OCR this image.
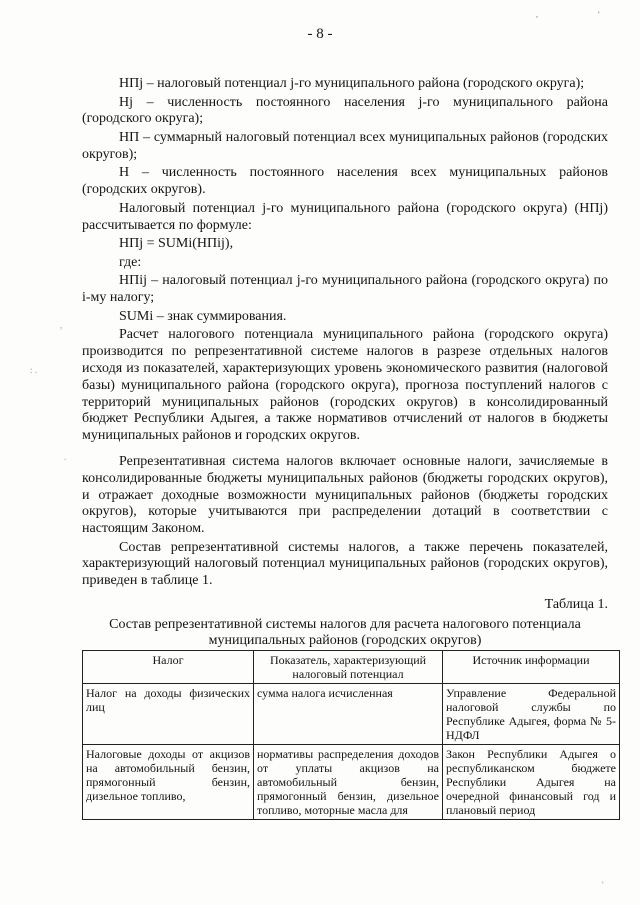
,	'
- 8 -

НПj – налоговый потенциал j-го муниципального района (городского округа);

Нj – численность постоянного населения j-го муниципального района (городского округа);

НП – суммарный налоговый потенциал всех муниципальных районов (городских округов);

Н – численность постоянного населения всех муниципальных районов (городских округов).

Налоговый потенциал j-го муниципального района (городского округа) (НПj) рассчитывается по формуле:

НПj = SUMi(НПij),

где:

НПij – налоговый потенциал j-го муниципального района (городского округа) по i-му налогу;

SUMi – знак суммирования.

Расчет налогового потенциала муниципального района (городского округа) производится по репрезентативной системе налогов в разрезе отдельных налогов исходя из показателей, характеризующих уровень экономического развития (налоговой базы) муниципального района (городского округа), прогноза поступлений налогов с территорий муниципальных районов (городских округов) в консолидированный бюджет Республики Адыгея, а также нормативов отчислений от налогов в бюджеты муниципальных районов и городских округов.

Репрезентативная система налогов включает основные налоги, зачисляемые в консолидированные бюджеты муниципальных районов (бюджеты городских округов), и отражает доходные возможности муниципальных районов (бюджеты городских округов), которые учитываются при распределении дотаций в соответствии с настоящим Законом.

Состав репрезентативной системы налогов, а также перечень показателей, характеризующий налоговый потенциал муниципальных районов (городских округов), приведен в таблице 1.

Таблица 1.
Состав репрезентативной системы налогов для расчета налогового потенциала муниципальных районов (городских округов)
Налог	Показатель, характеризующий налоговый потенциал	Источник информации
Налог на доходы физических лиц	сумма налога исчисленная	Управление Федеральной налоговой службы по Республике Адыгея, форма № 5-НДФЛ
Налоговые доходы от акцизов на автомобильный бензин, прямогонный бензин, дизельное топливо,	нормативы распределения доходов от уплаты акцизов на автомобильный бензин, прямогонный бензин, дизельное топливо, моторные масла для	Закон Республики Адыгея о республиканском бюджете Республики Адыгея на очередной финансовый год и плановый период
: .
,
.
'
